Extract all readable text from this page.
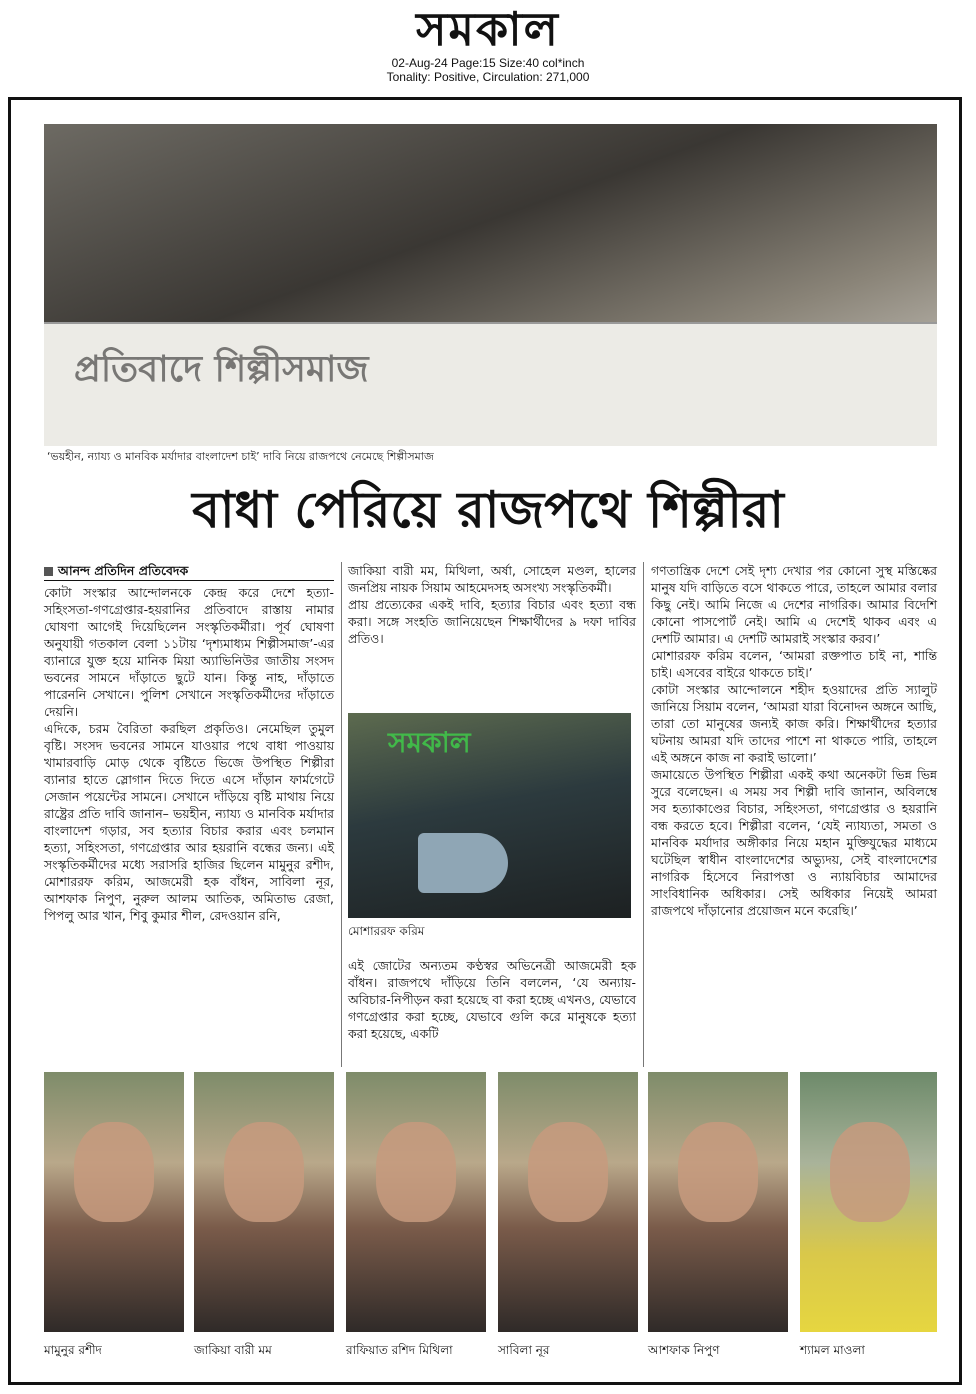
সমকাল
02-Aug-24 Page:15 Size:40 col*inch
Tonality: Positive, Circulation: 271,000
প্রতিবাদে শিল্পীসমাজ
‘ভয়হীন, ন্যায্য ও মানবিক মর্যাদার বাংলাদেশ চাই’ দাবি নিয়ে রাজপথে নেমেছে শিল্পীসমাজ
বাধা পেরিয়ে রাজপথে শিল্পীরা
আনন্দ প্রতিদিন প্রতিবেদক

কোটা সংস্কার আন্দোলনকে কেন্দ্র করে দেশে হত্যা-সহিংসতা-গণগ্রেপ্তার-হয়রানির প্রতিবাদে রাস্তায় নামার ঘোষণা আগেই দিয়েছিলেন সংস্কৃতিকর্মীরা। পূর্ব ঘোষণা অনুযায়ী গতকাল বেলা ১১টায় ‘দৃশ্যমাধ্যম শিল্পীসমাজ’-এর ব্যানারে যুক্ত হয়ে মানিক মিয়া অ্যাভিনিউর জাতীয় সংসদ ভবনের সামনে দাঁড়াতে ছুটে যান। কিন্তু নাহ, দাঁড়াতে পারেননি সেখানে। পুলিশ সেখানে সংস্কৃতিকর্মীদের দাঁড়াতে দেয়নি।

এদিকে, চরম বৈরিতা করছিল প্রকৃতিও। নেমেছিল তুমুল বৃষ্টি। সংসদ ভবনের সামনে যাওয়ার পথে বাধা পাওয়ায় খামারবাড়ি মোড় থেকে বৃষ্টিতে ভিজে উপস্থিত শিল্পীরা ব্যানার হাতে স্লোগান দিতে দিতে এসে দাঁড়ান ফার্মগেটে সেজান পয়েন্টের সামনে। সেখানে দাঁড়িয়ে বৃষ্টি মাথায় নিয়ে রাষ্ট্রের প্রতি দাবি জানান– ভয়হীন, ন্যায্য ও মানবিক মর্যাদার বাংলাদেশ গড়ার, সব হত্যার বিচার করার এবং চলমান হত্যা, সহিংসতা, গণগ্রেপ্তার আর হয়রানি বন্ধের জন্য। এই সংস্কৃতিকর্মীদের মধ্যে সরাসরি হাজির ছিলেন মামুনুর রশীদ, মোশাররফ করিম, আজমেরী হক বাঁধন, সাবিলা নূর, আশফাক নিপুণ, নুরুল আলম আতিক, অমিতাভ রেজা, পিপলু আর খান, শিবু কুমার শীল, রেদওয়ান রনি,

জাকিয়া বারী মম, মিথিলা, অর্ষা, সোহেল মণ্ডল, হালের জনপ্রিয় নায়ক সিয়াম আহমেদসহ অসংখ্য সংস্কৃতিকর্মী।

প্রায় প্রত্যেকের একই দাবি, হত্যার বিচার এবং হত্যা বন্ধ করা। সঙ্গে সংহতি জানিয়েছেন শিক্ষার্থীদের ৯ দফা দাবির প্রতিও।

সমকাল
মোশাররফ করিম

এই জোটের অন্যতম কণ্ঠস্বর অভিনেত্রী আজমেরী হক বাঁধন। রাজপথে দাঁড়িয়ে তিনি বললেন, ‘যে অন্যায়-অবিচার-নিপীড়ন করা হয়েছে বা করা হচ্ছে এখনও, যেভাবে গণগ্রেপ্তার করা হচ্ছে, যেভাবে গুলি করে মানুষকে হত্যা করা হয়েছে, একটি

গণতান্ত্রিক দেশে সেই দৃশ্য দেখার পর কোনো সুস্থ মস্তিষ্কের মানুষ যদি বাড়িতে বসে থাকতে পারে, তাহলে আমার বলার কিছু নেই। আমি নিজে এ দেশের নাগরিক। আমার বিদেশি কোনো পাসপোর্ট নেই। আমি এ দেশেই থাকব এবং এ দেশটি আমার। এ দেশটি আমরাই সংস্কার করব।’

মোশাররফ করিম বলেন, ‘আমরা রক্তপাত চাই না, শান্তি চাই। এসবের বাইরে থাকতে চাই।’

কোটা সংস্কার আন্দোলনে শহীদ হওয়াদের প্রতি স্যালুট জানিয়ে সিয়াম বলেন, ‘আমরা যারা বিনোদন অঙ্গনে আছি, তারা তো মানুষের জন্যই কাজ করি। শিক্ষার্থীদের হত্যার ঘটনায় আমরা যদি তাদের পাশে না থাকতে পারি, তাহলে এই অঙ্গনে কাজ না করাই ভালো।’

জমায়েতে উপস্থিত শিল্পীরা একই কথা অনেকটা ভিন্ন ভিন্ন সুরে বলেছেন। এ সময় সব শিল্পী দাবি জানান, অবিলম্বে সব হত্যাকাণ্ডের বিচার, সহিংসতা, গণগ্রেপ্তার ও হয়রানি বন্ধ করতে হবে। শিল্পীরা বলেন, ‘যেই ন্যায্যতা, সমতা ও মানবিক মর্যাদার অঙ্গীকার নিয়ে মহান মুক্তিযুদ্ধের মাধ্যমে ঘটেছিল স্বাধীন বাংলাদেশের অভ্যুদয়, সেই বাংলাদেশের নাগরিক হিসেবে নিরাপত্তা ও ন্যায়বিচার আমাদের সাংবিধানিক অধিকার। সেই অধিকার নিয়েই আমরা রাজপথে দাঁড়ানোর প্রয়োজন মনে করেছি।’

মামুনুর রশীদ	জাকিয়া বারী মম	রাফিয়াত রশিদ মিথিলা	সাবিলা নূর	আশফাক নিপুণ	শ্যামল মাওলা
